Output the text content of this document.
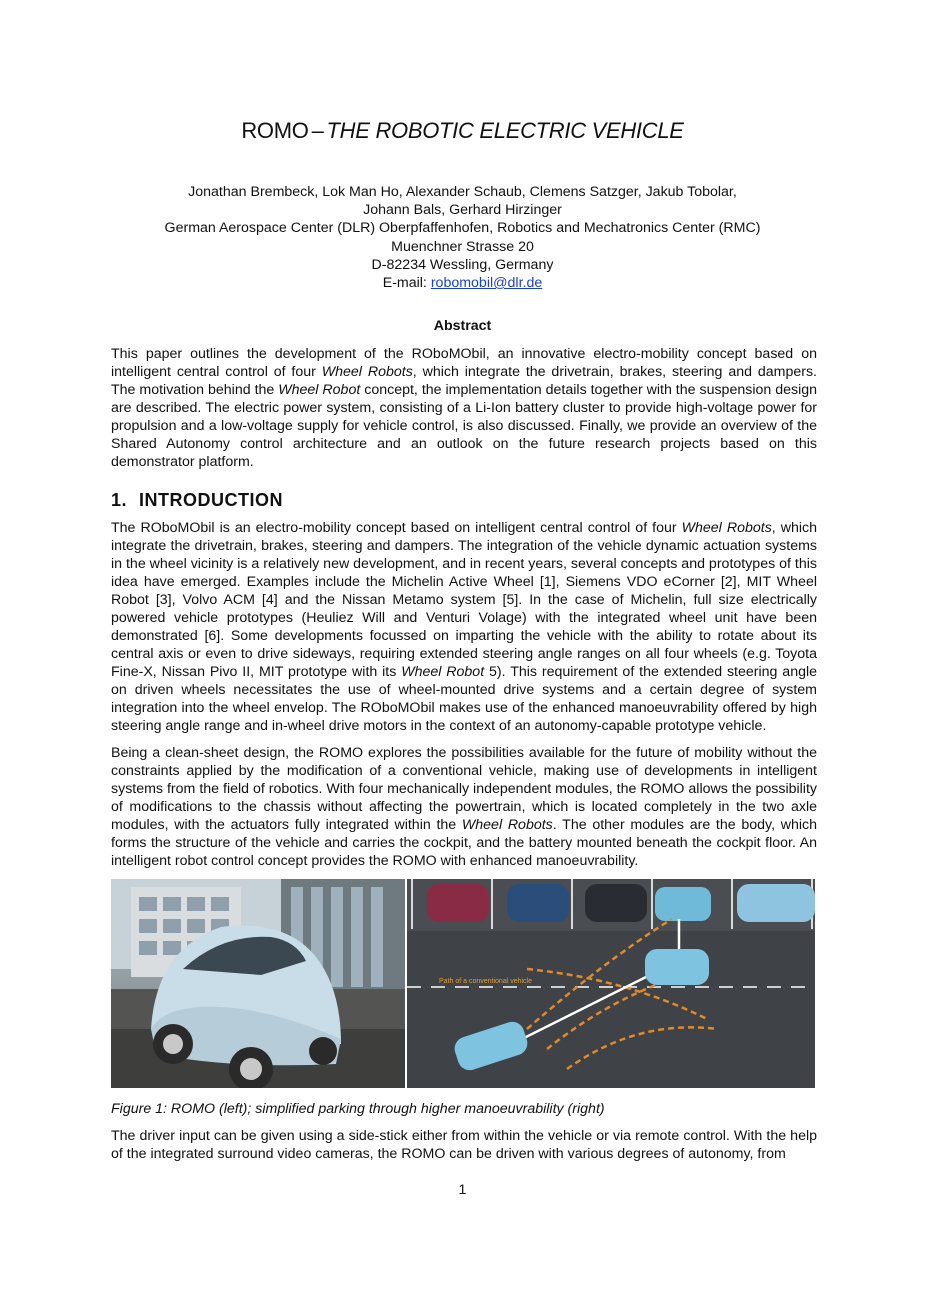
ROMO – THE ROBOTIC ELECTRIC VEHICLE
Jonathan Brembeck, Lok Man Ho, Alexander Schaub, Clemens Satzger, Jakub Tobolar,
Johann Bals, Gerhard Hirzinger
German Aerospace Center (DLR) Oberpfaffenhofen, Robotics and Mechatronics Center (RMC)
Muenchner Strasse 20
D-82234 Wessling, Germany
E-mail: robomobil@dlr.de
Abstract

This paper outlines the development of the ROboMObil, an innovative electro-mobility concept based on intelligent central control of four Wheel Robots, which integrate the drivetrain, brakes, steering and dampers. The motivation behind the Wheel Robot concept, the implementation details together with the suspension design are described. The electric power system, consisting of a Li-Ion battery cluster to provide high-voltage power for propulsion and a low-voltage supply for vehicle control, is also discussed. Finally, we provide an overview of the Shared Autonomy control architecture and an outlook on the future research projects based on this demonstrator platform.

1. INTRODUCTION

The ROboMObil is an electro-mobility concept based on intelligent central control of four Wheel Robots, which integrate the drivetrain, brakes, steering and dampers. The integration of the vehicle dynamic actuation systems in the wheel vicinity is a relatively new development, and in recent years, several concepts and prototypes of this idea have emerged. Examples include the Michelin Active Wheel [1], Siemens VDO eCorner [2], MIT Wheel Robot [3], Volvo ACM [4] and the Nissan Metamo system [5]. In the case of Michelin, full size electrically powered vehicle prototypes (Heuliez Will and Venturi Volage) with the integrated wheel unit have been demonstrated [6]. Some developments focussed on imparting the vehicle with the ability to rotate about its central axis or even to drive sideways, requiring extended steering angle ranges on all four wheels (e.g. Toyota Fine-X, Nissan Pivo II, MIT prototype with its Wheel Robot 5). This requirement of the extended steering angle on driven wheels necessitates the use of wheel-mounted drive systems and a certain degree of system integration into the wheel envelop. The ROboMObil makes use of the enhanced manoeuvrability offered by high steering angle range and in-wheel drive motors in the context of an autonomy-capable prototype vehicle.

Being a clean-sheet design, the ROMO explores the possibilities available for the future of mobility without the constraints applied by the modification of a conventional vehicle, making use of developments in intelligent systems from the field of robotics. With four mechanically independent modules, the ROMO allows the possibility of modifications to the chassis without affecting the powertrain, which is located completely in the two axle modules, with the actuators fully integrated within the Wheel Robots. The other modules are the body, which forms the structure of the vehicle and carries the cockpit, and the battery mounted beneath the cockpit floor. An intelligent robot control concept provides the ROMO with enhanced manoeuvrability.

Path of a conventional vehicle
Figure 1: ROMO (left); simplified parking through higher manoeuvrability (right)

The driver input can be given using a side-stick either from within the vehicle or via remote control. With the help of the integrated surround video cameras, the ROMO can be driven with various degrees of autonomy, from

1
